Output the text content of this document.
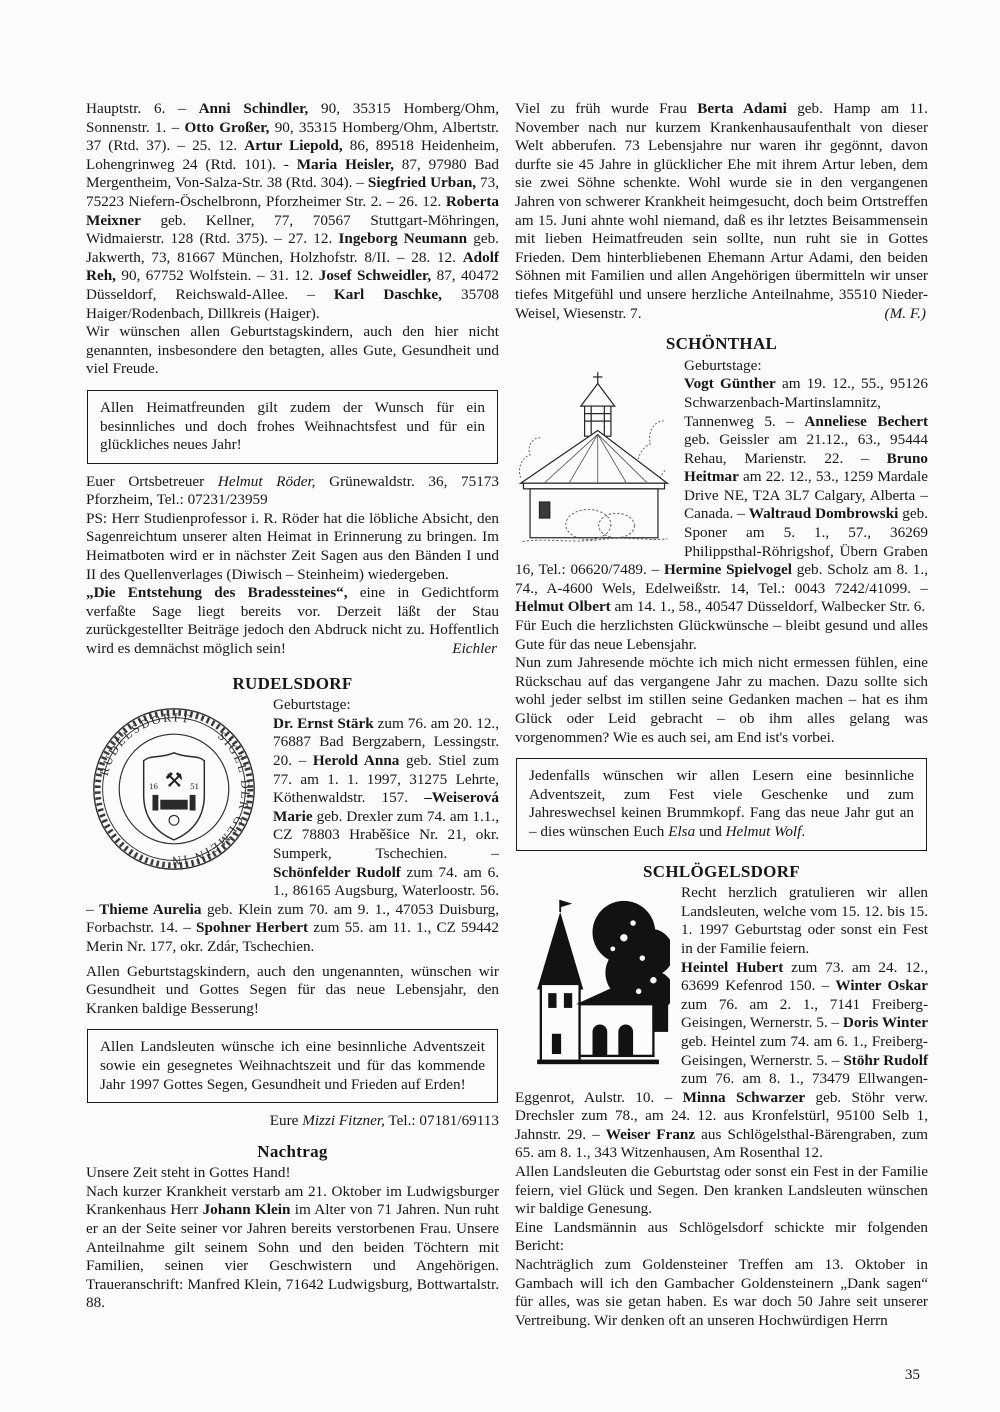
Hauptstr. 6. – Anni Schindler, 90, 35315 Homberg/Ohm, Sonnenstr. 1. – Otto Großer, 90, 35315 Homberg/Ohm, Albertstr. 37 (Rtd. 37). – 25. 12. Artur Liepold, 86, 89518 Heidenheim, Lohengrinweg 24 (Rtd. 101). - Maria Heisler, 87, 97980 Bad Mergentheim, Von-Salza-Str. 38 (Rtd. 304). – Siegfried Urban, 73, 75223 Niefern-Öschelbronn, Pforzheimer Str. 2. – 26. 12. Roberta Meixner geb. Kellner, 77, 70567 Stuttgart-Möhringen, Widmaierstr. 128 (Rtd. 375). – 27. 12. Ingeborg Neumann geb. Jakwerth, 73, 81667 München, Holzhofstr. 8/II. – 28. 12. Adolf Reh, 90, 67752 Wolfstein. – 31. 12. Josef Schweidler, 87, 40472 Düsseldorf, Reichswald-Allee. – Karl Daschke, 35708 Haiger/Rodenbach, Dillkreis (Haiger).

Wir wünschen allen Geburtstagskindern, auch den hier nicht genannten, insbesondere den betagten, alles Gute, Gesundheit und viel Freude.

Allen Heimatfreunden gilt zudem der Wunsch für ein besinnliches und doch frohes Weihnachtsfest und für ein glückliches neues Jahr!

Euer Ortsbetreuer Helmut Röder, Grünewaldstr. 36, 75173 Pforzheim, Tel.: 07231/23959

PS: Herr Studienprofessor i. R. Röder hat die löbliche Absicht, den Sagenreichtum unserer alten Heimat in Erinnerung zu bringen. Im Heimatboten wird er in nächster Zeit Sagen aus den Bänden I und II des Quellenverlages (Diwisch – Steinheim) wiedergeben.

„Die Entstehung des Bradessteines“, eine in Gedichtform verfaßte Sage liegt bereits vor. Derzeit läßt der Stau zurückgestellter Beiträge jedoch den Abdruck nicht zu. Hoffentlich wird es demnächst möglich sein!	Eichler
RUDELSDORF
RUDELSDORFF
SIGEL DER GEMEIN IN
⚒
16	51
Geburtstage:

Dr. Ernst Stärk zum 76. am 20. 12., 76887 Bad Bergzabern, Lessingstr. 20. – Herold Anna geb. Stiel zum 77. am 1. 1. 1997, 31275 Lehrte, Köthenwaldstr. 157. –Weiserová Marie geb. Drexler zum 74. am 1.1., CZ 78803 Hraběšice Nr. 21, okr. Sumperk, Tschechien. – Schönfelder Rudolf zum 74. am 6. 1., 86165 Augsburg, Waterloostr. 56. – Thieme Aurelia geb. Klein zum 70. am 9. 1., 47053 Duisburg, Forbachstr. 14. – Spohner Herbert zum 55. am 11. 1., CZ 59442 Merin Nr. 177, okr. Zdár, Tschechien.

Allen Geburtstagskindern, auch den ungenannten, wünschen wir Gesundheit und Gottes Segen für das neue Lebensjahr, den Kranken baldige Besserung!

Allen Landsleuten wünsche ich eine besinnliche Adventszeit sowie ein gesegnetes Weihnachtszeit und für das kommende Jahr 1997 Gottes Segen, Gesundheit und Frieden auf Erden!

Eure Mizzi Fitzner, Tel.: 07181/69113

Nachtrag

Unsere Zeit steht in Gottes Hand!

Nach kurzer Krankheit verstarb am 21. Oktober im Ludwigsburger Krankenhaus Herr Johann Klein im Alter von 71 Jahren. Nun ruht er an der Seite seiner vor Jahren bereits verstorbenen Frau. Unsere Anteilnahme gilt seinem Sohn und den beiden Töchtern mit Familien, seinen vier Geschwistern und Angehörigen. Traueranschrift: Manfred Klein, 71642 Ludwigsburg, Bottwartalstr. 88.

Viel zu früh wurde Frau Berta Adami geb. Hamp am 11. November nach nur kurzem Krankenhausaufenthalt von dieser Welt abberufen. 73 Lebensjahre nur waren ihr gegönnt, davon durfte sie 45 Jahre in glücklicher Ehe mit ihrem Artur leben, dem sie zwei Söhne schenkte. Wohl wurde sie in den vergangenen Jahren von schwerer Krankheit heimgesucht, doch beim Ortstreffen am 15. Juni ahnte wohl niemand, daß es ihr letztes Beisammensein mit lieben Heimatfreuden sein sollte, nun ruht sie in Gottes Frieden. Dem hinterbliebenen Ehemann Artur Adami, den beiden Söhnen mit Familien und allen Angehörigen übermitteln wir unser tiefes Mitgefühl und unsere herzliche Anteilnahme, 35510 Nieder-Weisel, Wiesenstr. 7.	(M. F.)
SCHÖNTHAL
Geburtstage:

Vogt Günther am 19. 12., 55., 95126 Schwarzenbach-Martinslamnitz, Tannenweg 5. – Anneliese Bechert geb. Geissler am 21.12., 63., 95444 Rehau, Marienstr. 22. – Bruno Heitmar am 22. 12., 53., 1259 Mardale Drive NE, T2A 3L7 Calgary, Alberta – Canada. – Waltraud Dombrowski geb. Sponer am 5. 1., 57., 36269 Philippsthal-Röhrigshof, Übern Graben 16, Tel.: 06620/7489. – Hermine Spielvogel geb. Scholz am 8. 1., 74., A-4600 Wels, Edelweißstr. 14, Tel.: 0043 7242/41099. – Helmut Olbert am 14. 1., 58., 40547 Düsseldorf, Walbecker Str. 6.

Für Euch die herzlichsten Glückwünsche – bleibt gesund und alles Gute für das neue Lebensjahr.

Nun zum Jahresende möchte ich mich nicht ermessen fühlen, eine Rückschau auf das vergangene Jahr zu machen. Dazu sollte sich wohl jeder selbst im stillen seine Gedanken machen – hat es ihm Glück oder Leid gebracht – ob ihm alles gelang was vorgenommen? Wie es auch sei, am End ist's vorbei.

Jedenfalls wünschen wir allen Lesern eine besinnliche Adventszeit, zum Fest viele Geschenke und zum Jahreswechsel keinen Brummkopf. Fang das neue Jahr gut an – dies wünschen Euch Elsa und Helmut Wolf.

SCHLÖGELSDORF

Recht herzlich gratulieren wir allen Landsleuten, welche vom 15. 12. bis 15. 1. 1997 Geburtstag oder sonst ein Fest in der Familie feiern.

Heintel Hubert zum 73. am 24. 12., 63699 Kefenrod 150. – Winter Oskar zum 76. am 2. 1., 7141 Freiberg-Geisingen, Wernerstr. 5. – Doris Winter geb. Heintel zum 74. am 6. 1., Freiberg-Geisingen, Wernerstr. 5. – Stöhr Rudolf zum 76. am 8. 1., 73479 Ellwangen-Eggenrot, Aulstr. 10. – Minna Schwarzer geb. Stöhr verw. Drechsler zum 78., am 24. 12. aus Kronfelstürl, 95100 Selb 1, Jahnstr. 29. – Weiser Franz aus Schlögelsthal-Bärengraben, zum 65. am 8. 1., 343 Witzenhausen, Am Rosenthal 12.

Allen Landsleuten die Geburtstag oder sonst ein Fest in der Familie feiern, viel Glück und Segen. Den kranken Landsleuten wünschen wir baldige Genesung.

Eine Landsmännin aus Schlögelsdorf schickte mir folgenden Bericht:

Nachträglich zum Goldensteiner Treffen am 13. Oktober in Gambach will ich den Gambacher Goldensteinern „Dank sagen“ für alles, was sie getan haben. Es war doch 50 Jahre seit unserer Vertreibung. Wir denken oft an unseren Hochwürdigen Herrn

35
